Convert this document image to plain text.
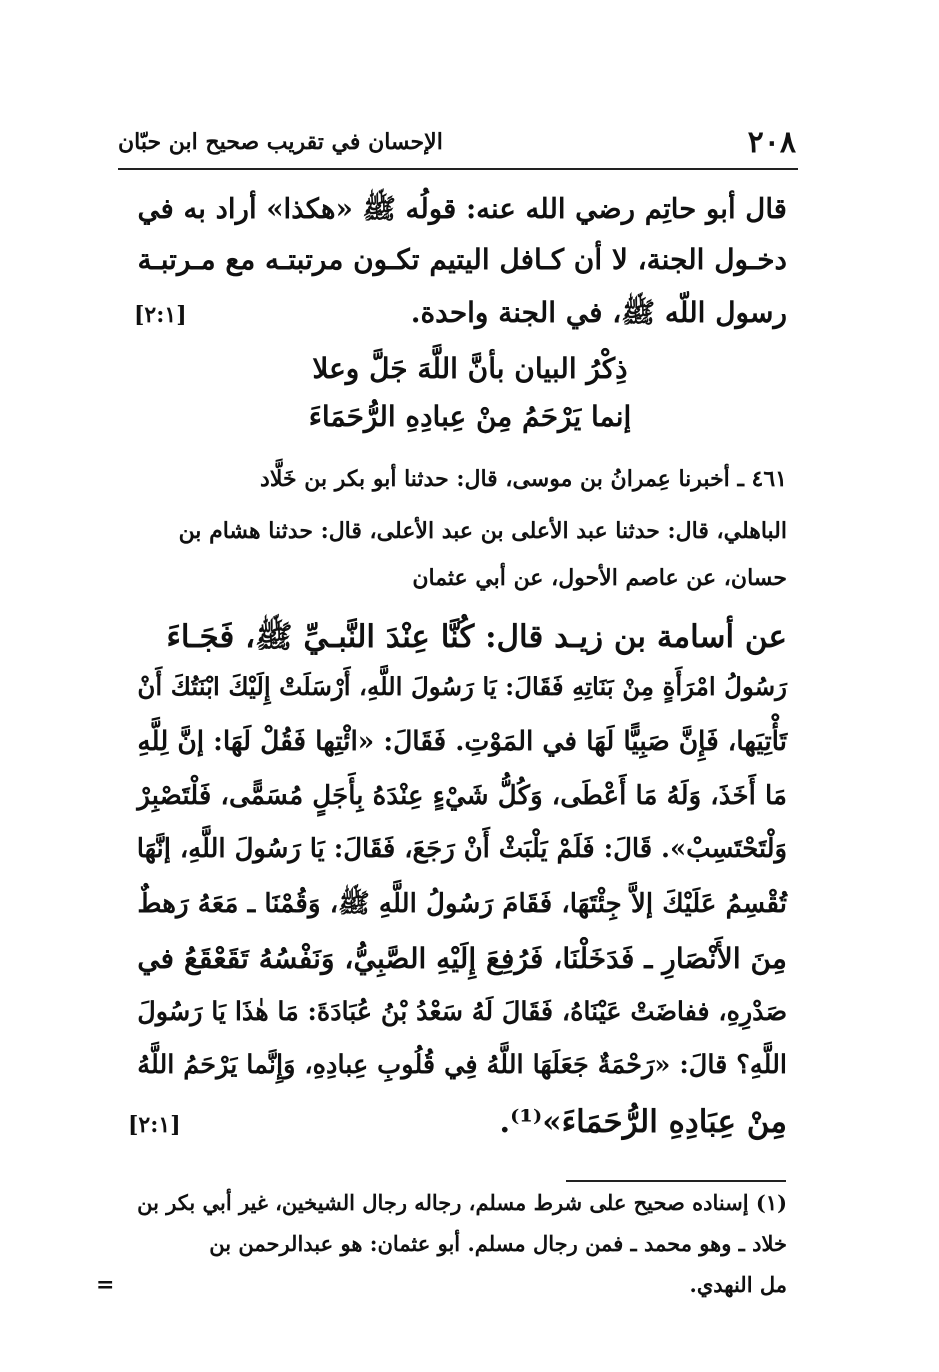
٢٠٨
الإحسان في تقريب صحيح ابن حبّان
قال أبو حاتِم رضي الله عنه: قولُه ﷺ «هكذا» أراد به في
دخـول الجنة، لا أن كـافل اليتيم تكـون مرتبتـه مع مـرتبـة
رسول اللّه ﷺ، في الجنة واحدة.
[٢:١]
ذِكْرُ البيان بأنَّ اللَّهَ جَلَّ وعلا
إنما يَرْحَمُ مِنْ عِبادِهِ الرُّحَمَاءَ
٤٦١ ـ أخبرنا عِمرانُ بن موسى، قال: حدثنا أبو بكر بن خَلَّاد
الباهلي، قال: حدثنا عبد الأعلى بن عبد الأعلى، قال: حدثنا هشام بن
حسان، عن عاصم الأحول، عن أبي عثمان
عن أسامة بن زيـد قال: كُنَّا عِنْدَ النَّبـيِّ ﷺ، فَجَـاءَ
رَسُولُ امْرَأَةٍ مِنْ بَنَاتِهِ فَقَالَ: يَا رَسُولَ اللَّهِ، أَرْسَلَتْ إِلَيْكَ ابْنَتُكَ أَنْ
تَأْتِيَها، فَإِنَّ صَبِيًّا لَهَا في المَوْتِ. فَقَالَ: «ائْتِها فَقُلْ لَهَا: إنَّ لِلَّهِ
مَا أَخَذَ، وَلَهُ مَا أَعْطَى، وَكُلُّ شَيْءٍ عِنْدَهُ بِأَجَلٍ مُسَمًّى، فَلْتَصْبِرْ
وَلْتَحْتَسِبْ». قَالَ: فَلَمْ يَلْبَثْ أَنْ رَجَعَ، فَقَالَ: يَا رَسُولَ اللَّهِ، إنَّهَا
تُقْسِمُ عَلَيْكَ إلاَّ جِئْتَهَا، فَقَامَ رَسُولُ اللَّهِ ﷺ، وَقُمْنَا ـ مَعَهُ رَهطٌ
مِنَ الأَنْصَارِ ـ فَدَخَلْنَا، فَرُفِعَ إِلَيْهِ الصَّبِيُّ، وَنَفْسُهُ تَقَعْقَعُ في
صَدْرِهِ، ففاضَتْ عَيْنَاهُ، فَقَالَ لَهُ سَعْدُ بْنُ عُبَادَةَ: مَا هٰذَا يَا رَسُولَ
اللَّهِ؟ قالَ: «رَحْمَةٌ جَعَلَهَا اللَّهُ فِي قُلُوبِ عِبادِهِ، وَإِنَّما يَرْحَمُ اللَّهُ
مِنْ عِبَادِهِ الرُّحَمَاءَ»⁽¹⁾.
[٢:١]
(١) إسناده صحيح على شرط مسلم، رجاله رجال الشيخين، غير أبي بكر بن
خلاد ـ وهو محمد ـ فمن رجال مسلم. أبو عثمان: هو عبدالرحمن بن
مل النهدي.
=
